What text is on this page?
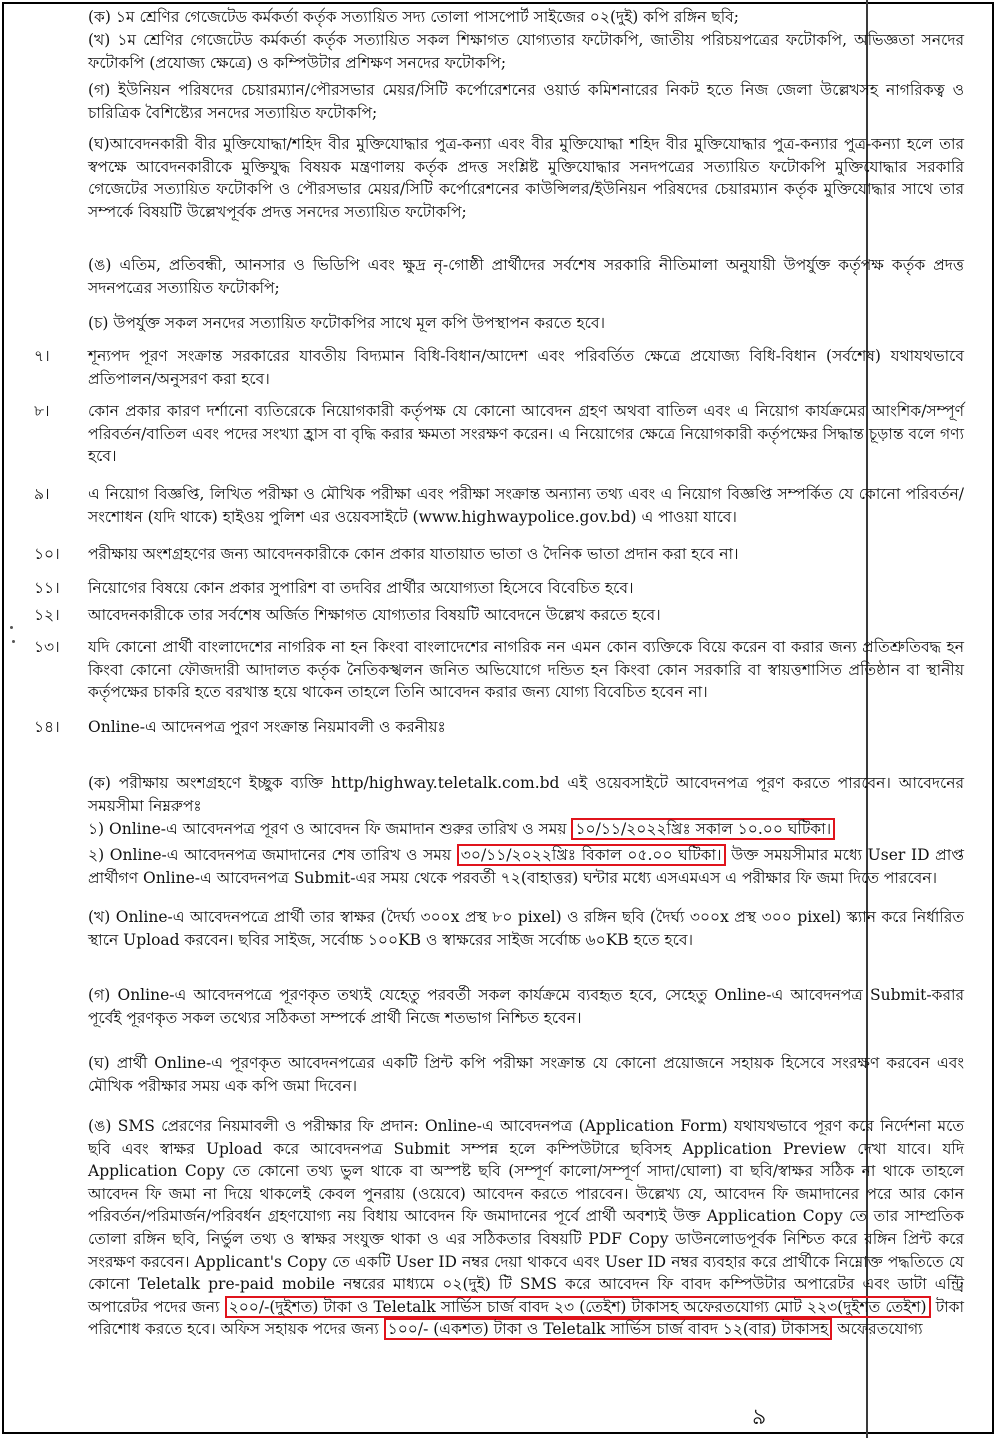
(ক) ১ম শ্রেণির গেজেটেড কর্মকর্তা কর্তৃক সত্যায়িত সদ্য তোলা পাসপোর্ট সাইজের ০২(দুই) কপি রঙ্গিন ছবি;

(খ) ১ম শ্রেণির গেজেটেড কর্মকর্তা কর্তৃক সত্যায়িত সকল শিক্ষাগত যোগ্যতার ফটোকপি, জাতীয় পরিচয়পত্রের ফটোকপি, অভিজ্ঞতা সনদের ফটোকপি (প্রযোজ্য ক্ষেত্রে) ও কম্পিউটার প্রশিক্ষণ সনদের ফটোকপি;

(গ) ইউনিয়ন পরিষদের চেয়ারম্যান/পৌরসভার মেয়র/সিটি কর্পোরেশনের ওয়ার্ড কমিশনারের নিকট হতে নিজ জেলা উল্লেখসহ নাগরিকত্ব ও চারিত্রিক বৈশিষ্ট্যের সনদের সত্যায়িত ফটোকপি;

(ঘ)আবেদনকারী বীর মুক্তিযোদ্ধা/শহিদ বীর মুক্তিযোদ্ধার পুত্র-কন্যা এবং বীর মুক্তিযোদ্ধা শহিদ বীর মুক্তিযোদ্ধার পুত্র-কন্যার পুত্র-কন্যা হলে তার স্বপক্ষে আবেদনকারীকে মুক্তিযুদ্ধ বিষয়ক মন্ত্রণালয় কর্তৃক প্রদত্ত সংশ্লিষ্ট মুক্তিযোদ্ধার সনদপত্রের সত্যায়িত ফটোকপি মুক্তিযোদ্ধার সরকারি গেজেটের সত্যায়িত ফটোকপি ও পৌরসভার মেয়র/সিটি কর্পোরেশনের কাউন্সিলর/ইউনিয়ন পরিষদের চেয়ারম্যান কর্তৃক মুক্তিযোদ্ধার সাথে তার সম্পর্কে বিষয়টি উল্লেখপূর্বক প্রদত্ত সনদের সত্যায়িত ফটোকপি;

(ঙ) এতিম, প্রতিবন্ধী, আনসার ও ভিডিপি এবং ক্ষুদ্র নৃ-গোষ্ঠী প্রার্থীদের সর্বশেষ সরকারি নীতিমালা অনুযায়ী উপর্যুক্ত কর্তৃপক্ষ কর্তৃক প্রদত্ত সদনপত্রের সত্যায়িত ফটোকপি;

(চ) উপর্যুক্ত সকল সনদের সত্যায়িত ফটোকপির সাথে মূল কপি উপস্থাপন করতে হবে।

৭।	শূন্যপদ পূরণ সংক্রান্ত সরকারের যাবতীয় বিদ্যমান বিধি-বিধান/আদেশ এবং পরিবর্তিত ক্ষেত্রে প্রযোজ্য বিধি-বিধান (সর্বশেষ) যথাযথভাবে প্রতিপালন/অনুসরণ করা হবে।

৮।	কোন প্রকার কারণ দর্শানো ব্যতিরেকে নিয়োগকারী কর্তৃপক্ষ যে কোনো আবেদন গ্রহণ অথবা বাতিল এবং এ নিয়োগ কার্যক্রমের আংশিক/সম্পূর্ণ পরিবর্তন/বাতিল এবং পদের সংখ্যা হ্রাস বা বৃদ্ধি করার ক্ষমতা সংরক্ষণ করেন। এ নিয়োগের ক্ষেত্রে নিয়োগকারী কর্তৃপক্ষের সিদ্ধান্ত চূড়ান্ত বলে গণ্য হবে।

৯।	এ নিয়োগ বিজ্ঞপ্তি, লিখিত পরীক্ষা ও মৌখিক পরীক্ষা এবং পরীক্ষা সংক্রান্ত অন্যান্য তথ্য এবং এ নিয়োগ বিজ্ঞপ্তি সম্পর্কিত যে কোনো পরিবর্তন/সংশোধন (যদি থাকে) হাইওয় পুলিশ এর ওয়েবসাইটে (www.highwaypolice.gov.bd) এ পাওয়া যাবে।

১০।	পরীক্ষায় অংশগ্রহণের জন্য আবেদনকারীকে কোন প্রকার যাতায়াত ভাতা ও দৈনিক ভাতা প্রদান করা হবে না।

১১।	নিয়োগের বিষয়ে কোন প্রকার সুপারিশ বা তদবির প্রার্থীর অযোগ্যতা হিসেবে বিবেচিত হবে।

১২।	আবেদনকারীকে তার সর্বশেষ অর্জিত শিক্ষাগত যোগ্যতার বিষয়টি আবেদনে উল্লেখ করতে হবে।

১৩।	যদি কোনো প্রার্থী বাংলাদেশের নাগরিক না হন কিংবা বাংলাদেশের নাগরিক নন এমন কোন ব্যক্তিকে বিয়ে করেন বা করার জন্য প্রতিশ্রুতিবদ্ধ হন কিংবা কোনো ফৌজদারী আদালত কর্তৃক নৈতিকস্খলন জনিত অভিযোগে দন্ডিত হন কিংবা কোন সরকারি বা স্বায়ত্তশাসিত প্রতিষ্ঠান বা স্থানীয় কর্তৃপক্ষের চাকরি হতে বরখাস্ত হয়ে থাকেন তাহলে তিনি আবেদন করার জন্য যোগ্য বিবেচিত হবেন না।

১৪।	Online-এ আদেনপত্র পুরণ সংক্রান্ত নিয়মাবলী ও করনীয়ঃ

(ক) পরীক্ষায় অংশগ্রহণে ইচ্ছুক ব্যক্তি http/highway.teletalk.com.bd এই ওয়েবসাইটে আবেদনপত্র পূরণ করতে পারবেন। আবেদনের সময়সীমা নিম্নরুপঃ

১) Online-এ আবেদনপত্র পূরণ ও আবেদন ফি জমাদান শুরুর তারিখ ও সময় ১০/১১/২০২২খ্রিঃ সকাল ১০.০০ ঘটিকা।

২) Online-এ আবেদনপত্র জমাদানের শেষ তারিখ ও সময় ৩০/১১/২০২২খ্রিঃ বিকাল ০৫.০০ ঘটিকা। উক্ত সময়সীমার মধ্যে User ID প্রাপ্ত প্রার্থীগণ Online-এ আবেদনপত্র Submit-এর সময় থেকে পরবর্তী ৭২(বাহাত্তর) ঘন্টার মধ্যে এসএমএস এ পরীক্ষার ফি জমা দিতে পারবেন।

(খ) Online-এ আবেদনপত্রে প্রার্থী তার স্বাক্ষর (দৈর্ঘ্য ৩০০x প্রস্থ ৮০ pixel) ও রঙ্গিন ছবি (দৈর্ঘ্য ৩০০x প্রস্থ ৩০০ pixel) স্ক্যান করে নির্ধারিত স্থানে Upload করবেন। ছবির সাইজ, সর্বোচ্চ ১০০KB ও স্বাক্ষরের সাইজ সর্বোচ্চ ৬০KB হতে হবে।

(গ) Online-এ আবেদনপত্রে পূরণকৃত তথ্যই যেহেতু পরবর্তী সকল কার্যক্রমে ব্যবহৃত হবে, সেহেতু Online-এ আবেদনপত্র Submit-করার পূর্বেই পূরণকৃত সকল তথ্যের সঠিকতা সম্পর্কে প্রার্থী নিজে শতভাগ নিশ্চিত হবেন।

(ঘ) প্রার্থী Online-এ পূরণকৃত আবেদনপত্রের একটি প্রিন্ট কপি পরীক্ষা সংক্রান্ত যে কোনো প্রয়োজনে সহায়ক হিসেবে সংরক্ষণ করবেন এবং মৌখিক পরীক্ষার সময় এক কপি জমা দিবেন।

(ঙ) SMS প্রেরণের নিয়মাবলী ও পরীক্ষার ফি প্রদান: Online-এ আবেদনপত্র (Application Form) যথাযথভাবে পূরণ করে নির্দেশনা মতে ছবি এবং স্বাক্ষর Upload করে আবেদনপত্র Submit সম্পন্ন হলে কম্পিউটারে ছবিসহ Application Preview দেখা যাবে। যদি Application Copy তে কোনো তথ্য ভুল থাকে বা অস্পষ্ট ছবি (সম্পূর্ণ কালো/সম্পূর্ণ সাদা/ঘোলা) বা ছবি/স্বাক্ষর সঠিক না থাকে তাহলে আবেদন ফি জমা না দিয়ে থাকলেই কেবল পুনরায় (ওয়েবে) আবেদন করতে পারবেন। উল্লেখ্য যে, আবেদন ফি জমাদানের পরে আর কোন পরিবর্তন/পরিমার্জন/পরিবর্ধন গ্রহণযোগ্য নয় বিধায় আবেদন ফি জমাদানের পূর্বে প্রার্থী অবশ্যই উক্ত Application Copy তে তার সাম্প্রতিক তোলা রঙ্গিন ছবি, নির্ভুল তথ্য ও স্বাক্ষর সংযুক্ত থাকা ও এর সঠিকতার বিষয়টি PDF Copy ডাউনলোডপূর্বক নিশ্চিত করে রঙ্গিন প্রিন্ট করে সংরক্ষণ করবেন। Applicant's Copy তে একটি User ID নম্বর দেয়া থাকবে এবং User ID নম্বর ব্যবহার করে প্রার্থীকে নিম্নোক্ত পদ্ধতিতে যে কোনো Teletalk pre-paid mobile নম্বরের মাধ্যমে ০২(দুই) টি SMS করে আবেদন ফি বাবদ কম্পিউটার অপারেটর এবং ডাটা এন্ট্রি অপারেটর পদের জন্য ২০০/-(দুইশত) টাকা ও Teletalk সার্ভিস চার্জ বাবদ ২৩ (তেইশ) টাকাসহ অফেরতযোগ্য মোট ২২৩(দুইশত তেইশ) টাকা পরিশোধ করতে হবে। অফিস সহায়ক পদের জন্য ১০০/- (একশত) টাকা ও Teletalk সার্ভিস চার্জ বাবদ ১২(বার) টাকাসহ অফেরতযোগ্য

৯
